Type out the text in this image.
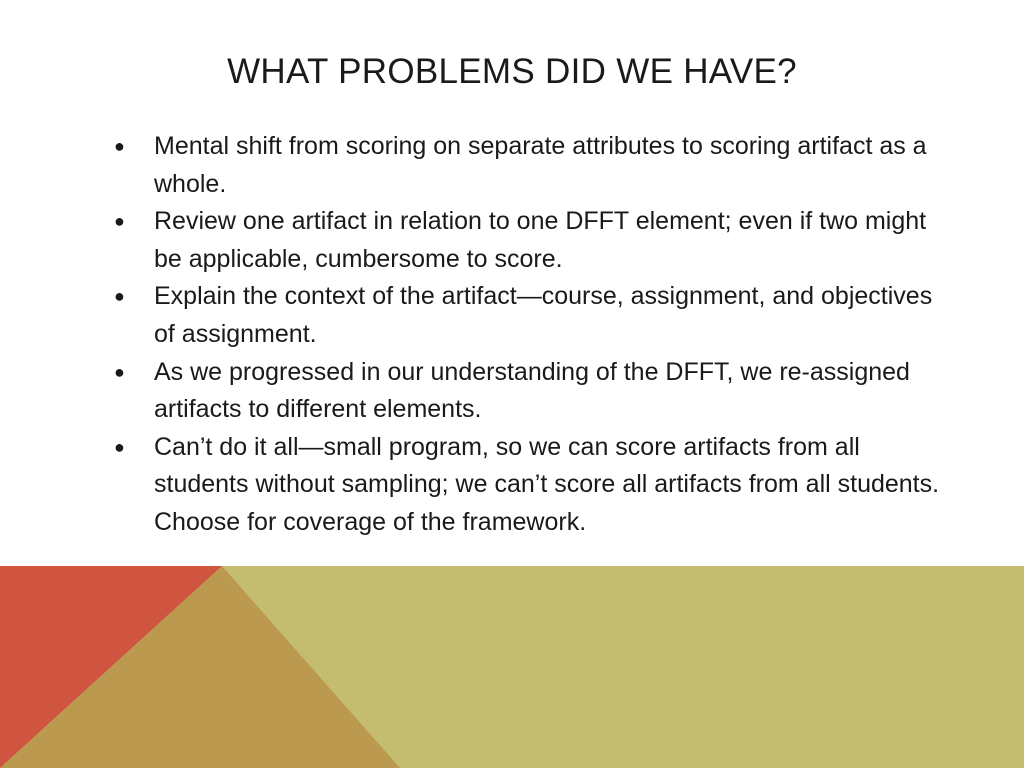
WHAT PROBLEMS DID WE HAVE?
● Mental shift from scoring on separate attributes to scoring artifact as a whole.
● Review one artifact in relation to one DFFT element; even if two might be applicable, cumbersome to score.
● Explain the context of the artifact—course, assignment, and objectives of assignment.
● As we progressed in our understanding of the DFFT, we re-assigned artifacts to different elements.
● Can’t do it all—small program, so we can score artifacts from all students without sampling; we can’t score all artifacts from all students. Choose for coverage of the framework.
